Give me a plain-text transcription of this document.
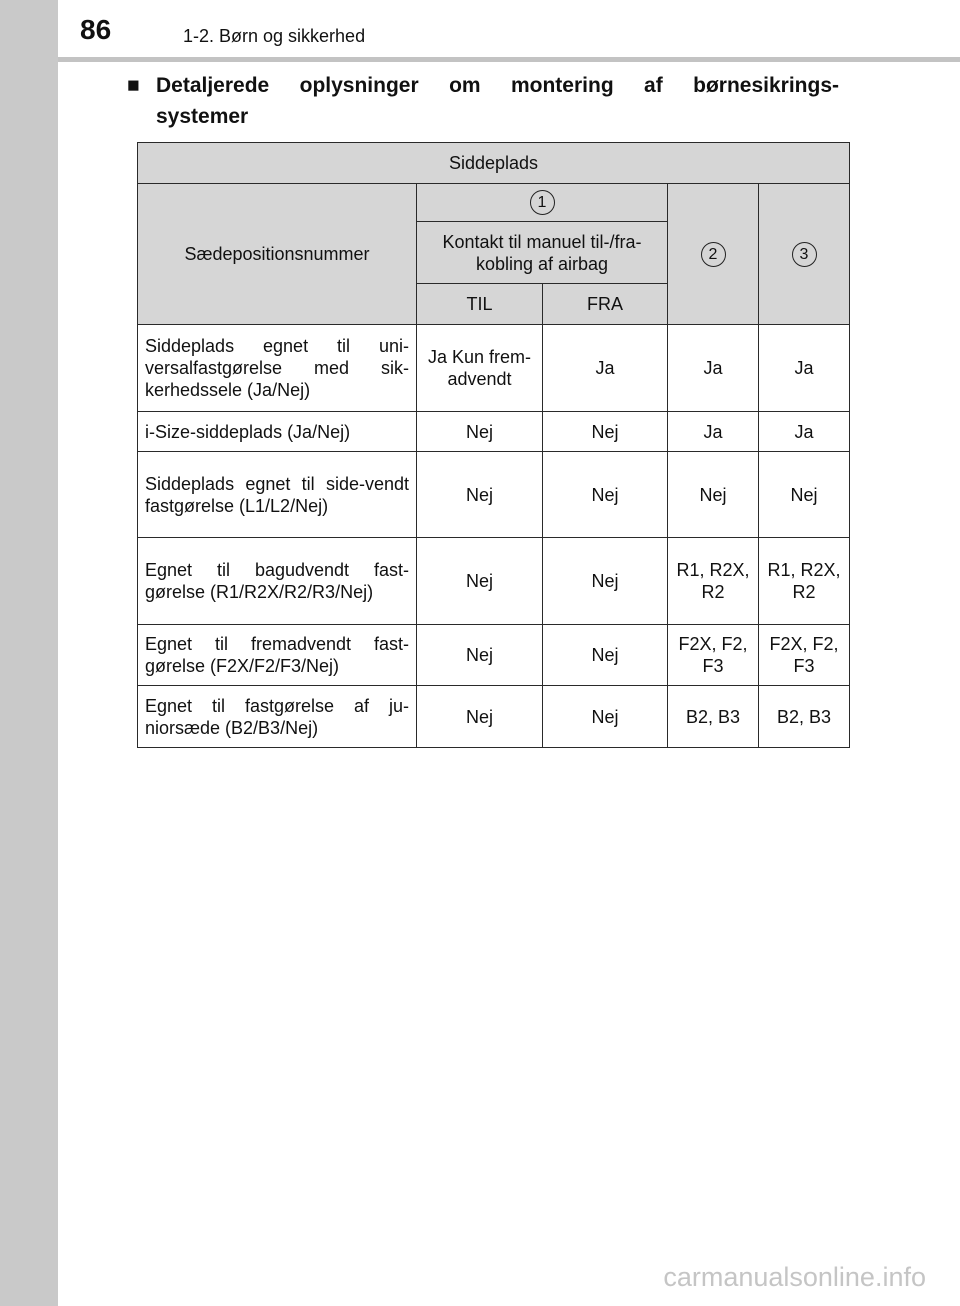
86	1-2. Børn og sikkerhed
■ Detaljerede oplysninger om montering af børnesikrings-
systemer
Siddeplads				
Sædepositionsnummer	1		2	3
	Kontakt til manuel til-/fra-kobling af airbag			
	TIL	FRA		

Siddeplads egnet til uni-versalfastgørelse med sik-kerhedssele (Ja/Nej)	Ja Kun frem-advendt	Ja	Ja	Ja

i-Size-siddeplads (Ja/Nej)	Nej	Nej	Ja	Ja

Siddeplads egnet til side-vendt fastgørelse (L1/L2/Nej)	Nej	Nej	Nej	Nej

Egnet til bagudvendt fast-gørelse (R1/R2X/R2/R3/Nej)	Nej	Nej	R1, R2X, R2	R1, R2X, R2

Egnet til fremadvendt fast-gørelse (F2X/F2/F3/Nej)	Nej	Nej	F2X, F2, F3	F2X, F2, F3

Egnet til fastgørelse af ju-niorsæde (B2/B3/Nej)	Nej	Nej	B2, B3	B2, B3
carmanualsonline.info
